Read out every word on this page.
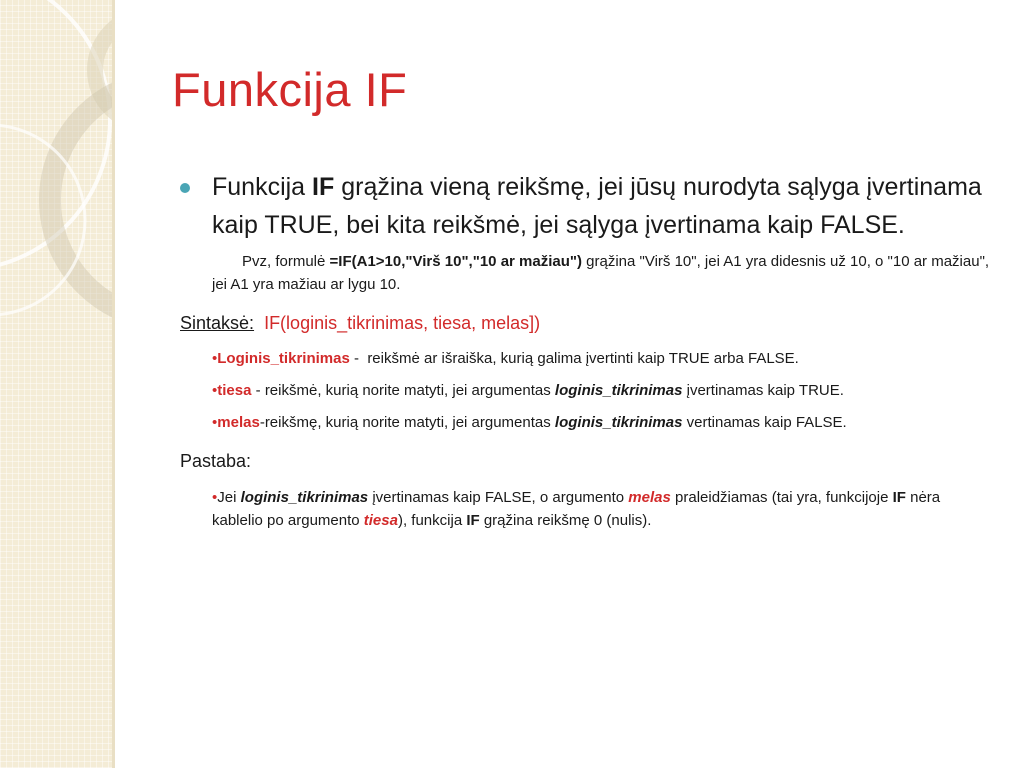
Funkcija IF

Funkcija IF grąžina vieną reikšmę, jei jūsų nurodyta sąlyga įvertinama kaip TRUE, bei kita reikšmė, jei sąlyga įvertinama kaip FALSE.

Pvz, formulė =IF(A1>10,"Virš 10","10 ar mažiau") grąžina "Virš 10", jei A1 yra didesnis už 10, o "10 ar mažiau", jei A1 yra mažiau ar lygu 10.

Sintaksė: IF(loginis_tikrinimas, tiesa, melas])

•Loginis_tikrinimas -  reikšmė ar išraiška, kurią galima įvertinti kaip TRUE arba FALSE.

•tiesa - reikšmė, kurią norite matyti, jei argumentas loginis_tikrinimas įvertinamas kaip TRUE.

•melas-reikšmę, kurią norite matyti, jei argumentas loginis_tikrinimas vertinamas kaip FALSE.

Pastaba:

•Jei loginis_tikrinimas įvertinamas kaip FALSE, o argumento melas praleidžiamas (tai yra, funkcijoje IF nėra kablelio po argumento tiesa), funkcija IF grąžina reikšmę 0 (nulis).
